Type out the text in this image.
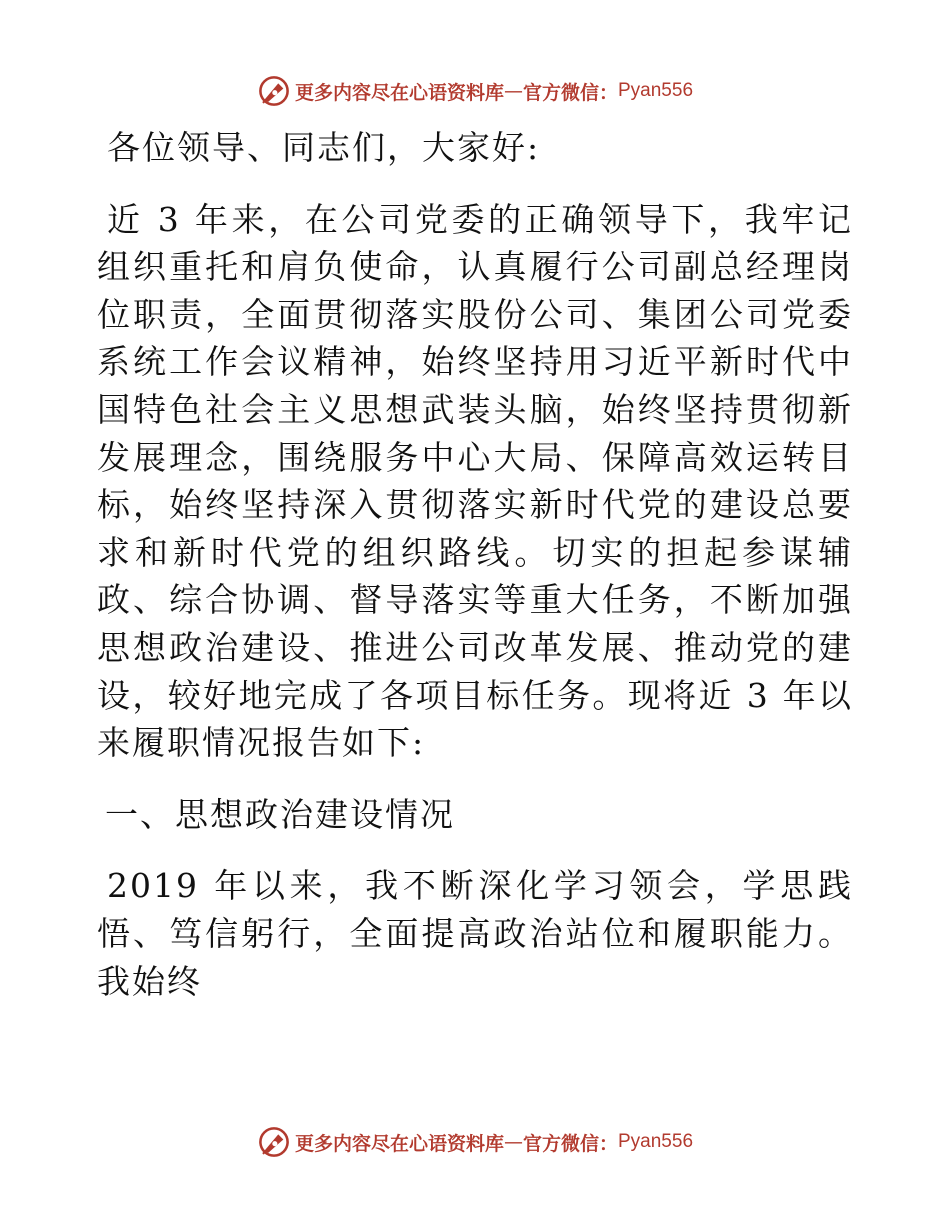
更多内容尽在心语资料库 — 官方微信： Pyan556

各位领导、同志们，大家好:

近 3 年来，在公司党委的正确领导下，我牢记组织重托和肩负使命，认真履行公司副总经理岗位职责，全面贯彻落实股份公司、集团公司党委系统工作会议精神，始终坚持用习近平新时代中国特色社会主义思想武装头脑，始终坚持贯彻新发展理念，围绕服务中心大局、保障高效运转目标，始终坚持深入贯彻落实新时代党的建设总要求和新时代党的组织路线。切实的担起参谋辅政、综合协调、督导落实等重大任务，不断加强思想政治建设、推进公司改革发展、推动党的建设，较好地完成了各项目标任务。现将近 3 年以来履职情况报告如下:

一、思想政治建设情况

2019 年以来，我不断深化学习领会，学思践悟、笃信躬行，全面提高政治站位和履职能力。我始终

更多内容尽在心语资料库 — 官方微信： Pyan556
